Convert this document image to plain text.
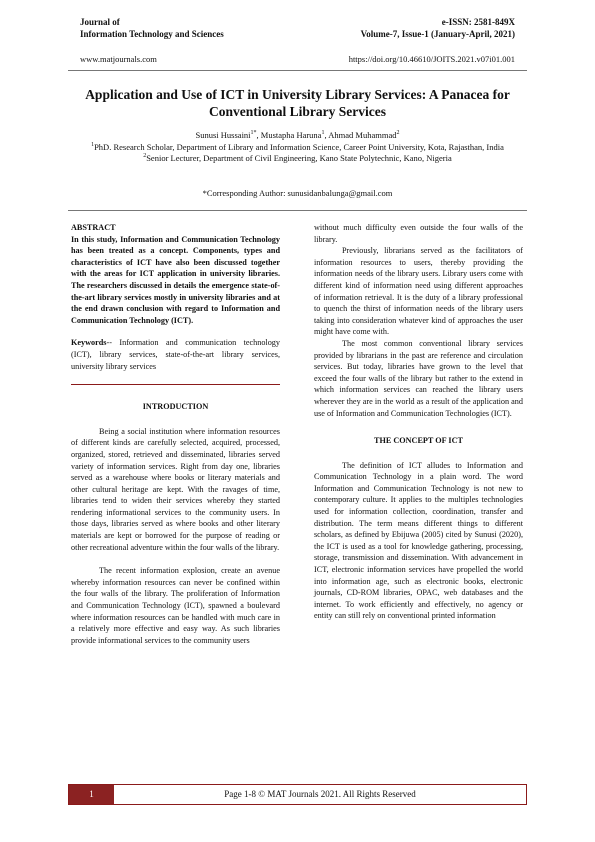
Journal of
Information Technology and Sciences
e-ISSN: 2581-849X
Volume-7, Issue-1 (January-April, 2021)
www.matjournals.com	https://doi.org/10.46610/JOITS.2021.v07i01.001
Application and Use of ICT in University Library Services: A Panacea for
Conventional Library Services

Sunusi Hussaini$^{1*}$, Mustapha Haruna$^1$, Ahmad Muhammad$^2$

$^1$PhD. Research Scholar, Department of Library and Information Science, Career Point University, Kota, Rajasthan, India

$^2$Senior Lecturer, Department of Civil Engineering, Kano State Polytechnic, Kano, Nigeria

*Corresponding Author: sunusidanbalunga@gmail.com

ABSTRACT

In this study, Information and Communication Technology has been treated as a concept. Components, types and characteristics of ICT have also been discussed together with the areas for ICT application in university libraries. The researchers discussed in details the emergence state-of-the-art library services mostly in university libraries and at the end drawn conclusion with regard to Information and Communication Technology (ICT).

Keywords-- Information and communication technology (ICT), library services, state-of-the-art library services, university library services

INTRODUCTION

Being a social institution where information resources of different kinds are carefully selected, acquired, processed, organized, stored, retrieved and disseminated, libraries served variety of information services. Right from day one, libraries served as a warehouse where books or literary materials and other cultural heritage are kept. With the ravages of time, libraries tend to widen their services whereby they started rendering informational services to the community users. In those days, libraries served as where books and other literary materials are kept or borrowed for the purpose of reading or other recreational adventure within the four walls of the library.

The recent information explosion, create an avenue whereby information resources can never be confined within the four walls of the library. The proliferation of Information and Communication Technology (ICT), spawned a boulevard where information resources can be handled with much care in a relatively more effective and easy way. As such libraries provide informational services to the community users

without much difficulty even outside the four walls of the library.

Previously, librarians served as the facilitators of information resources to users, thereby providing the information needs of the library users. Library users come with different kind of information need using different approaches of information retrieval. It is the duty of a library professional to quench the thirst of information needs of the library users taking into consideration whatever kind of approaches the user might have come with.

The most common conventional library services provided by librarians in the past are reference and circulation services. But today, libraries have grown to the level that exceed the four walls of the library but rather to the extend in which information services can reached the library users wherever they are in the world as a result of the application and use of Information and Communication Technologies (ICT).

THE CONCEPT OF ICT

The definition of ICT alludes to Information and Communication Technology in a plain word. The word Information and Communication Technology is not new to contemporary culture. It applies to the multiples technologies used for information collection, coordination, transfer and distribution. The term means different things to different scholars, as defined by Ebijuwa (2005) cited by Sunusi (2020), the ICT is used as a tool for knowledge gathering, processing, storage, transmission and dissemination. With advancement in ICT, electronic information services have propelled the world into information age, such as electronic books, electronic journals, CD-ROM libraries, OPAC, web databases and the internet. To work efficiently and effectively, no agency or entity can still rely on conventional printed information

1	Page 1-8 © MAT Journals 2021. All Rights Reserved
